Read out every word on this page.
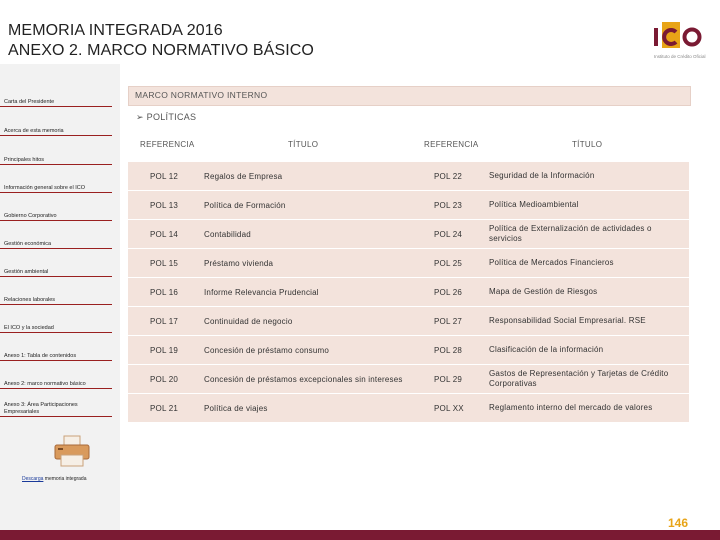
MEMORIA INTEGRADA 2016
ANEXO 2. MARCO NORMATIVO BÁSICO	Instituto de Crédito Oficial
Carta del Presidente
Acerca de esta memoria
Principales hitos
Información general sobre el ICO
Gobierno Corporativo
Gestión económica
Gestión ambiental
Relaciones laborales
El ICO y la sociedad
Anexo 1: Tabla de contenidos
Anexo 2: marco normativo básico
Anexo 3: Área Participaciones Empresariales
Descarga memoria integrada
MARCO NORMATIVO INTERNO
➢ POLÍTICAS
REFERENCIA	TÍTULO	REFERENCIA	TÍTULO
POL 12	Regalos de Empresa	POL 22	Seguridad de la Información
POL 13	Política de Formación	POL 23	Política Medioambiental
POL 14	Contabilidad	POL 24
Política de Externalización de actividades o servicios
POL 15	Préstamo vivienda	POL 25	Política de Mercados Financieros
POL 16	Informe Relevancia Prudencial	POL 26	Mapa de Gestión de Riesgos
POL 17	Continuidad de negocio	POL 27	Responsabilidad Social Empresarial. RSE
POL 19	Concesión de préstamo consumo	POL 28	Clasificación de la información
POL 20	Concesión de préstamos excepcionales sin intereses	POL 29
Gastos de Representación y Tarjetas de Crédito Corporativas
POL 21	Política de viajes	POL XX	Reglamento interno del mercado de valores
146
